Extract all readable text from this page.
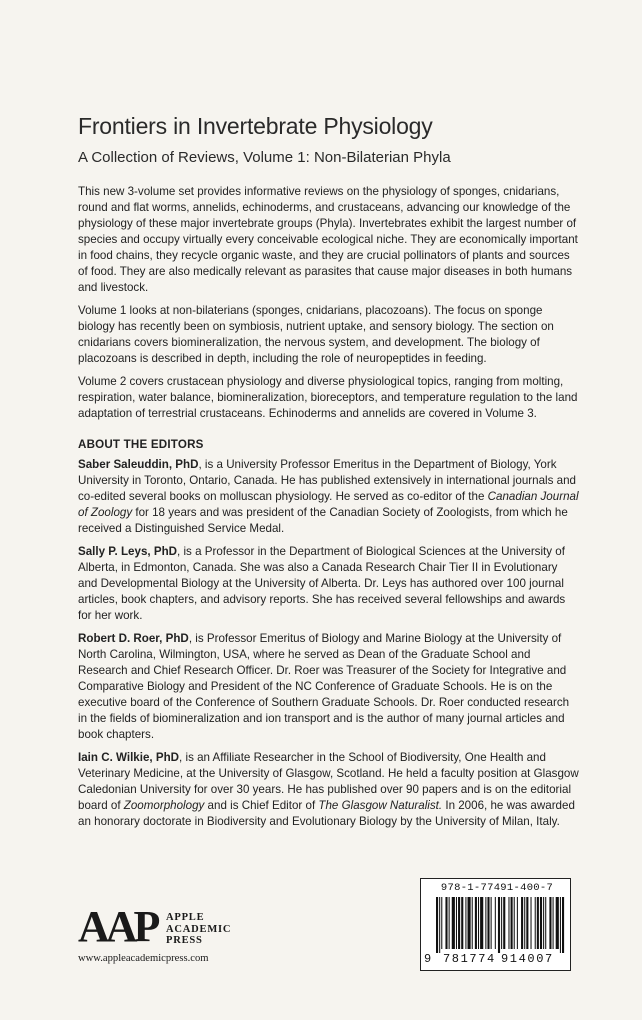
Frontiers in Invertebrate Physiology
A Collection of Reviews, Volume 1: Non-Bilaterian Phyla

This new 3-volume set provides informative reviews on the physiology of sponges, cnidarians, round and flat worms, annelids, echinoderms, and crustaceans, advancing our knowledge of the physiology of these major invertebrate groups (Phyla). Invertebrates exhibit the largest number of species and occupy virtually every conceivable ecological niche. They are economically important in food chains, they recycle organic waste, and they are crucial pollinators of plants and sources of food. They are also medically relevant as parasites that cause major diseases in both humans and livestock.

Volume 1 looks at non-bilaterians (sponges, cnidarians, placozoans). The focus on sponge biology has recently been on symbiosis, nutrient uptake, and sensory biology. The section on cnidarians covers biomineralization, the nervous system, and development. The biology of placozoans is described in depth, including the role of neuropeptides in feeding.

Volume 2 covers crustacean physiology and diverse physiological topics, ranging from molting, respiration, water balance, biomineralization, bioreceptors, and temperature regulation to the land adaptation of terrestrial crustaceans. Echinoderms and annelids are covered in Volume 3.

ABOUT THE EDITORS

Saber Saleuddin, PhD, is a University Professor Emeritus in the Department of Biology, York University in Toronto, Ontario, Canada. He has published extensively in international journals and co-edited several books on molluscan physiology. He served as co-editor of the Canadian Journal of Zoology for 18 years and was president of the Canadian Society of Zoologists, from which he received a Distinguished Service Medal.

Sally P. Leys, PhD, is a Professor in the Department of Biological Sciences at the University of Alberta, in Edmonton, Canada. She was also a Canada Research Chair Tier II in Evolutionary and Developmental Biology at the University of Alberta. Dr. Leys has authored over 100 journal articles, book chapters, and advisory reports. She has received several fellowships and awards for her work.

Robert D. Roer, PhD, is Professor Emeritus of Biology and Marine Biology at the University of North Carolina, Wilmington, USA, where he served as Dean of the Graduate School and Research and Chief Research Officer. Dr. Roer was Treasurer of the Society for Integrative and Comparative Biology and President of the NC Conference of Graduate Schools. He is on the executive board of the Conference of Southern Graduate Schools. Dr. Roer conducted research in the fields of biomineralization and ion transport and is the author of many journal articles and book chapters.

Iain C. Wilkie, PhD, is an Affiliate Researcher in the School of Biodiversity, One Health and Veterinary Medicine, at the University of Glasgow, Scotland. He held a faculty position at Glasgow Caledonian University for over 30 years. He has published over 90 papers and is on the editorial board of Zoomorphology and is Chief Editor of The Glasgow Naturalist. In 2006, he was awarded an honorary doctorate in Biodiversity and Evolutionary Biology by the University of Milan, Italy.

AAP APPLE
ACADEMIC
PRESS
www.appleacademicpress.com
978-1-77491-400-7
9 781774 914007
